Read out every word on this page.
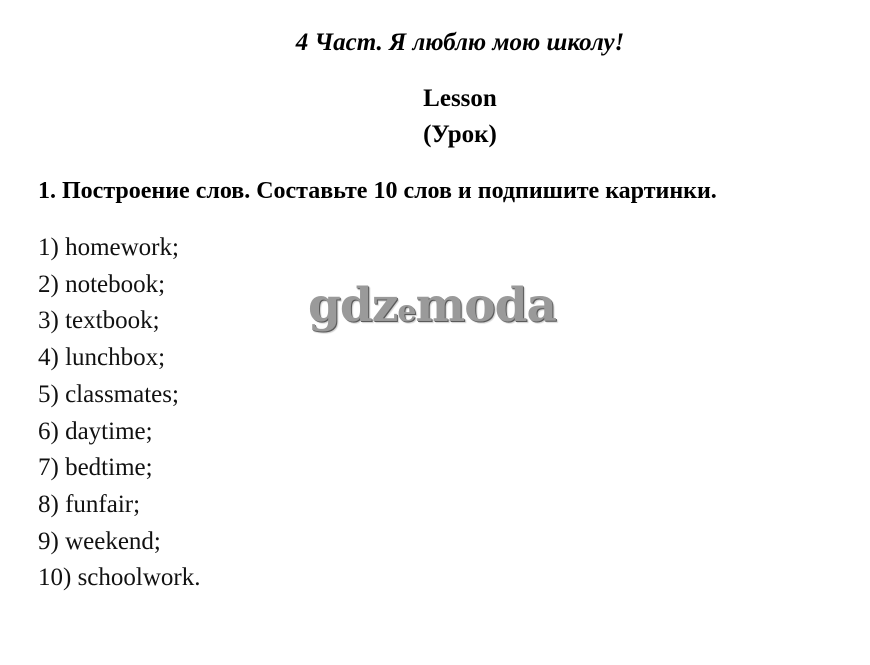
4 Част. Я люблю мою школу!
Lesson
(Урок)
1. Построение слов. Составьте 10 слов и подпишите картинки.
1) homework;
2) notebook;
3) textbook;
4) lunchbox;
5) classmates;
6) daytime;
7) bedtime;
8) funfair;
9) weekend;
10) schoolwork.
gdzemoda
